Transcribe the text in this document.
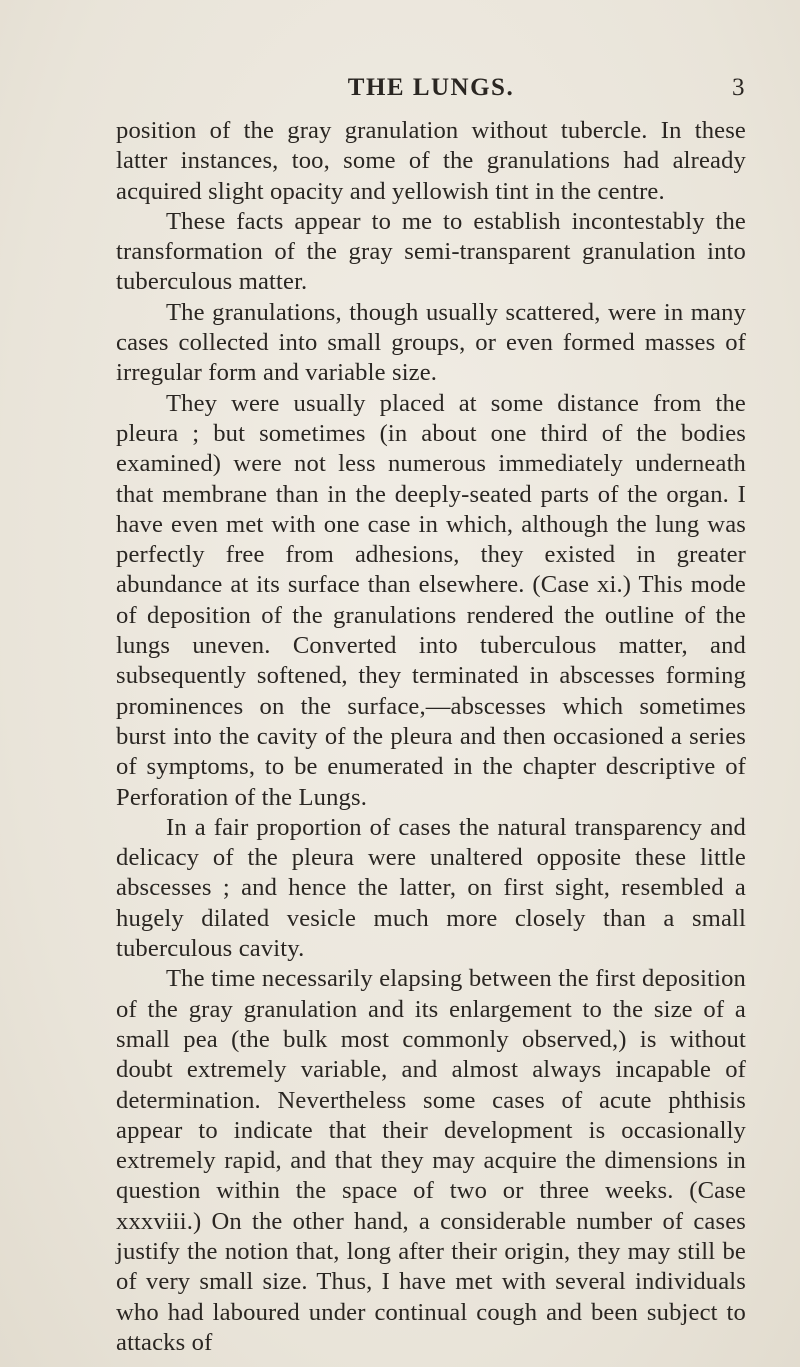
THE LUNGS.	3

position of the gray granulation without tubercle. In these latter instances, too, some of the granulations had already acquired slight opacity and yellowish tint in the centre.

These facts appear to me to establish incontestably the transformation of the gray semi-transparent granulation into tuberculous matter.

The granulations, though usually scattered, were in many cases collected into small groups, or even formed masses of irregular form and variable size.

They were usually placed at some distance from the pleura ; but sometimes (in about one third of the bodies examined) were not less numerous immediately underneath that membrane than in the deeply-seated parts of the organ. I have even met with one case in which, although the lung was perfectly free from adhesions, they existed in greater abundance at its surface than elsewhere. (Case xi.) This mode of deposition of the granulations rendered the outline of the lungs uneven. Converted into tuberculous matter, and subsequently softened, they terminated in abscesses forming prominences on the surface,—abscesses which sometimes burst into the cavity of the pleura and then occasioned a series of symptoms, to be enumerated in the chapter descriptive of Perforation of the Lungs.

In a fair proportion of cases the natural transparency and delicacy of the pleura were unaltered opposite these little abscesses ; and hence the latter, on first sight, resembled a hugely dilated vesicle much more closely than a small tuberculous cavity.

The time necessarily elapsing between the first deposition of the gray granulation and its enlargement to the size of a small pea (the bulk most commonly observed,) is without doubt extremely variable, and almost always incapable of determination. Nevertheless some cases of acute phthisis appear to indicate that their development is occasionally extremely rapid, and that they may acquire the dimensions in question within the space of two or three weeks. (Case xxxviii.) On the other hand, a considerable number of cases justify the notion that, long after their origin, they may still be of very small size. Thus, I have met with several individuals who had laboured under continual cough and been subject to attacks of
